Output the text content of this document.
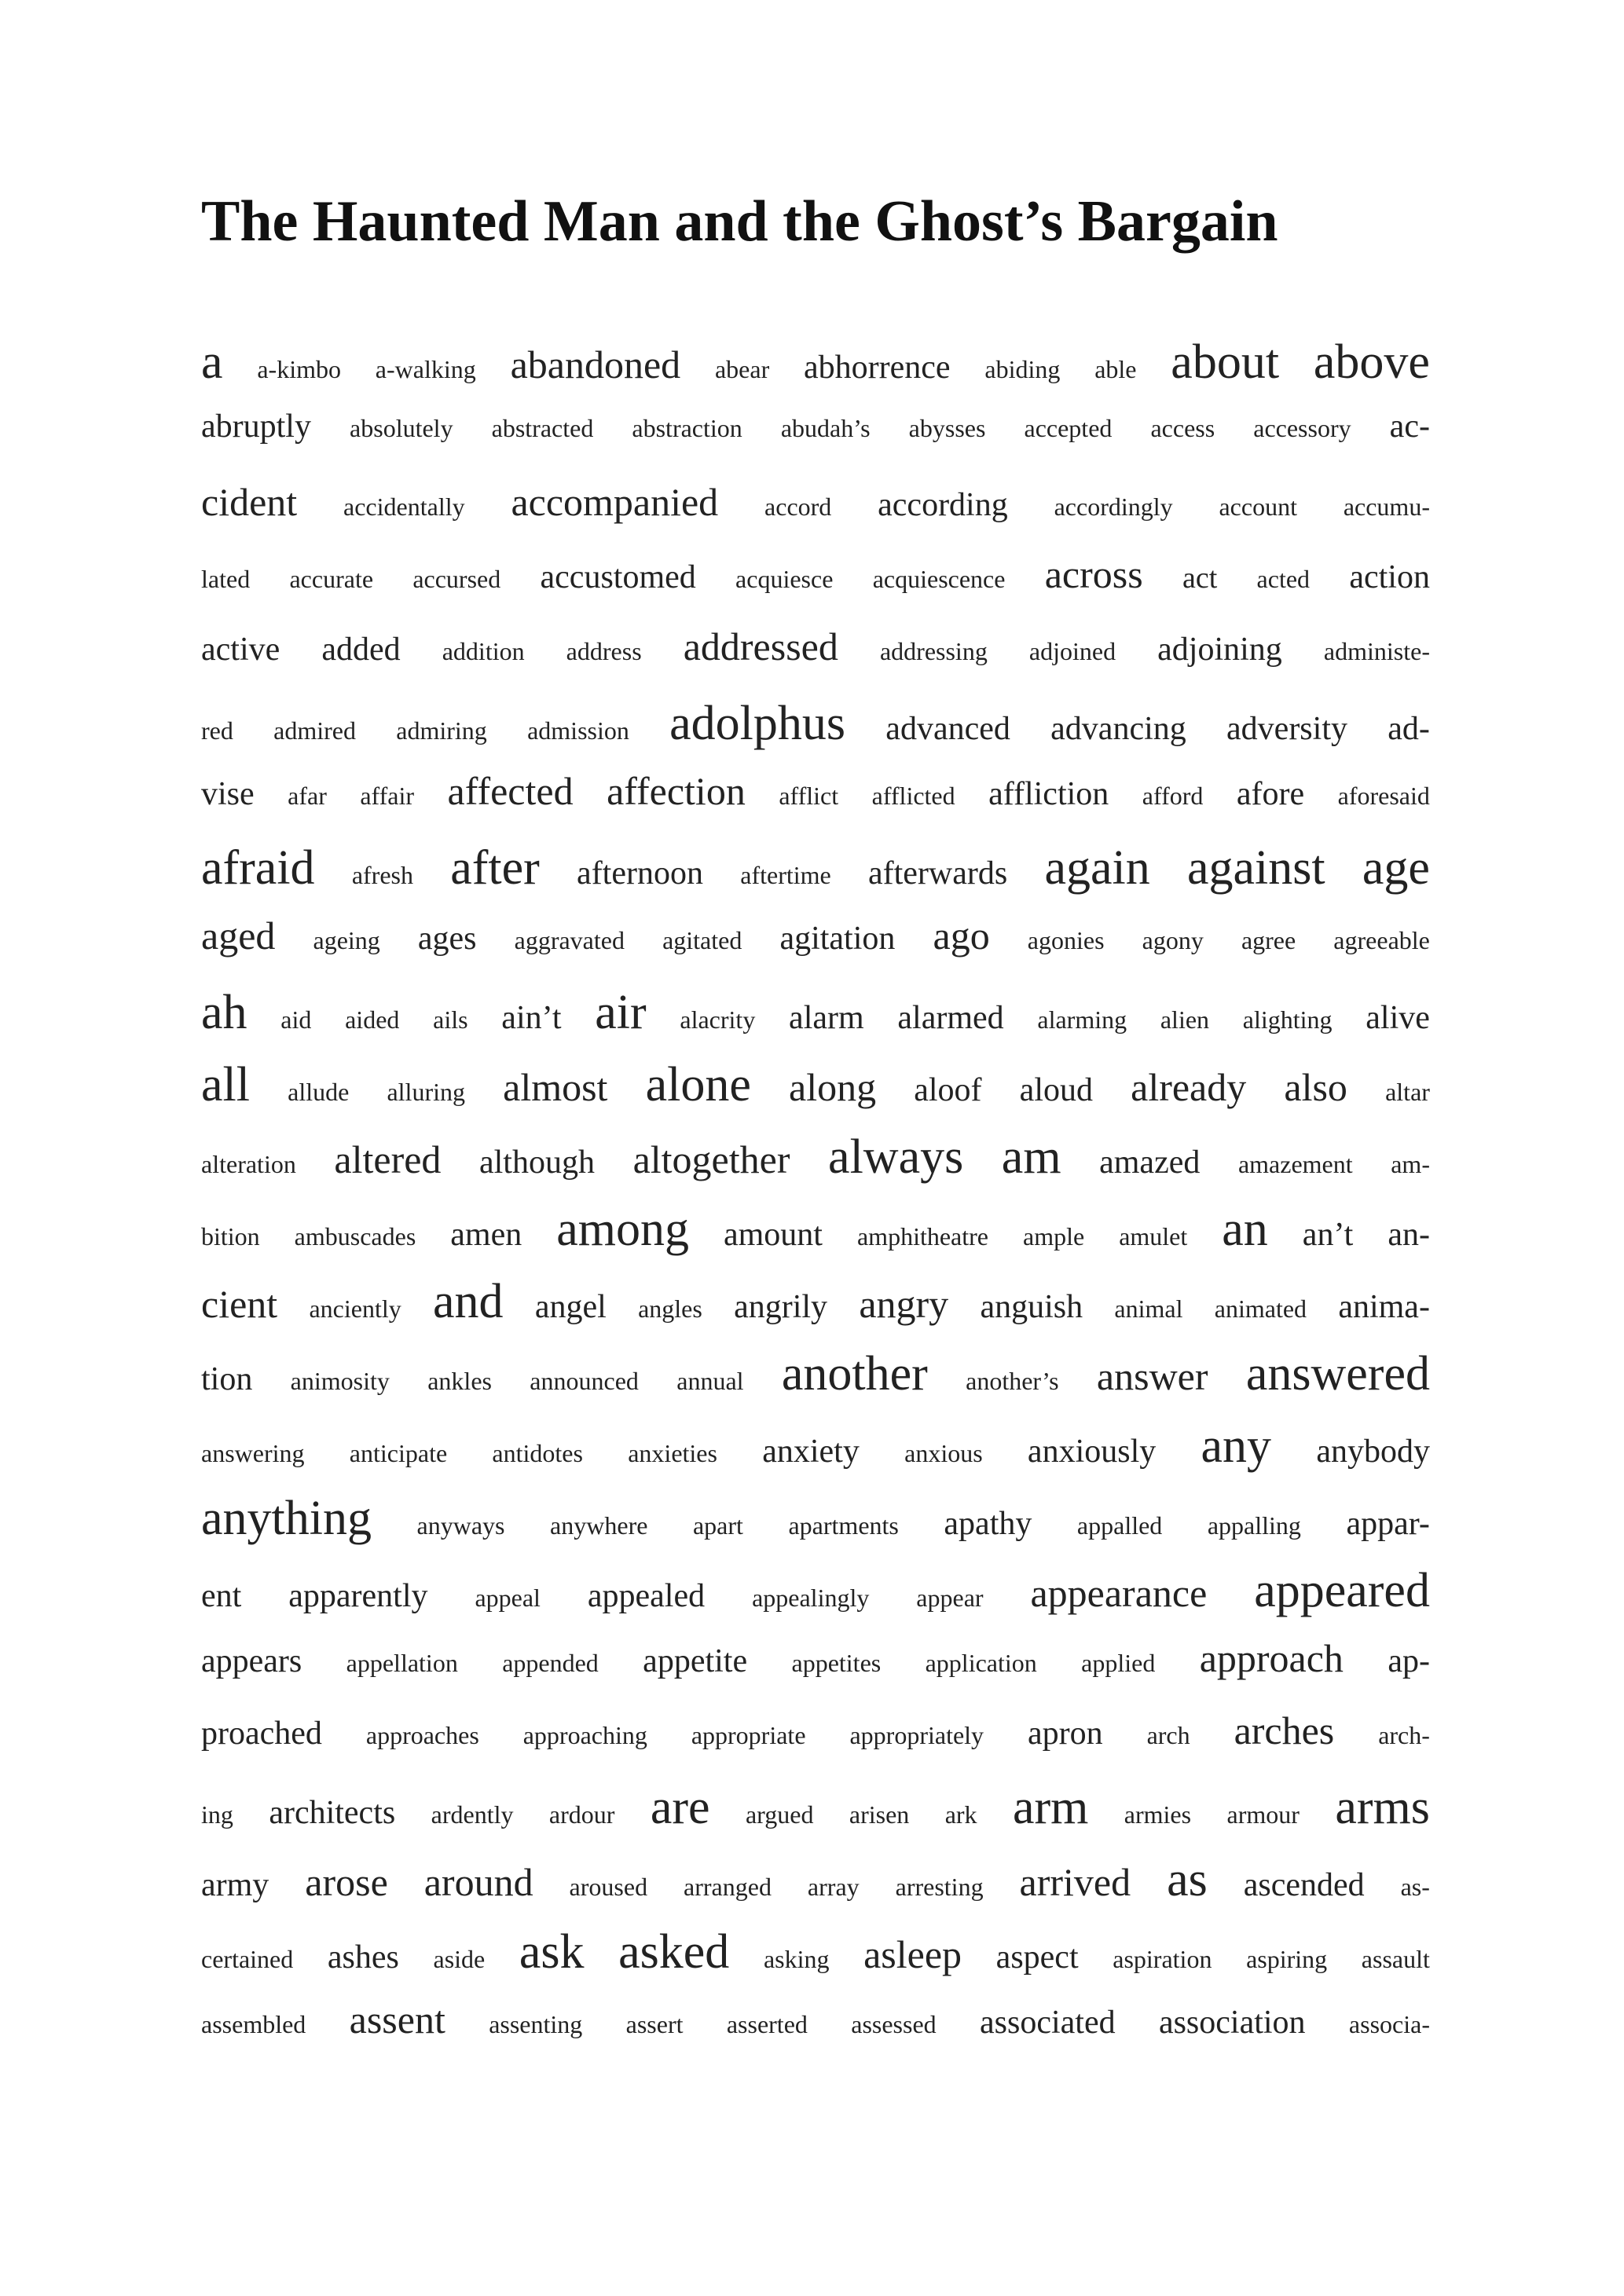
The Haunted Man and the Ghost’s Bargain
a a-kimbo a-walking abandoned abear abhorrence abiding able about above
abruptly absolutely abstracted abstraction abudah’s abysses accepted access accessory ac-
cident accidentally accompanied accord according accordingly account accumu-
lated accurate accursed accustomed acquiesce acquiescence across act acted action
active added addition address addressed addressing adjoined adjoining administe-
red admired admiring admission adolphus advanced advancing adversity ad-
vise afar affair affected affection afflict afflicted affliction afford afore aforesaid
afraid afresh after afternoon aftertime afterwards again against age
aged ageing ages aggravated agitated agitation ago agonies agony agree agreeable
ah aid aided ails ain’t air alacrity alarm alarmed alarming alien alighting alive
all allude alluring almost alone along aloof aloud already also altar
alteration altered although altogether always am amazed amazement am-
bition ambuscades amen among amount amphitheatre ample amulet an an’t an-
cient anciently and angel angles angrily angry anguish animal animated anima-
tion animosity ankles announced annual another another’s answer answered
answering anticipate antidotes anxieties anxiety anxious anxiously any anybody
anything anyways anywhere apart apartments apathy appalled appalling appar-
ent apparently appeal appealed appealingly appear appearance appeared
appears appellation appended appetite appetites application applied approach ap-
proached approaches approaching appropriate appropriately apron arch arches arch-
ing architects ardently ardour are argued arisen ark arm armies armour arms
army arose around aroused arranged array arresting arrived as ascended as-
certained ashes aside ask asked asking asleep aspect aspiration aspiring assault
assembled assent assenting assert asserted assessed associated association associa-
